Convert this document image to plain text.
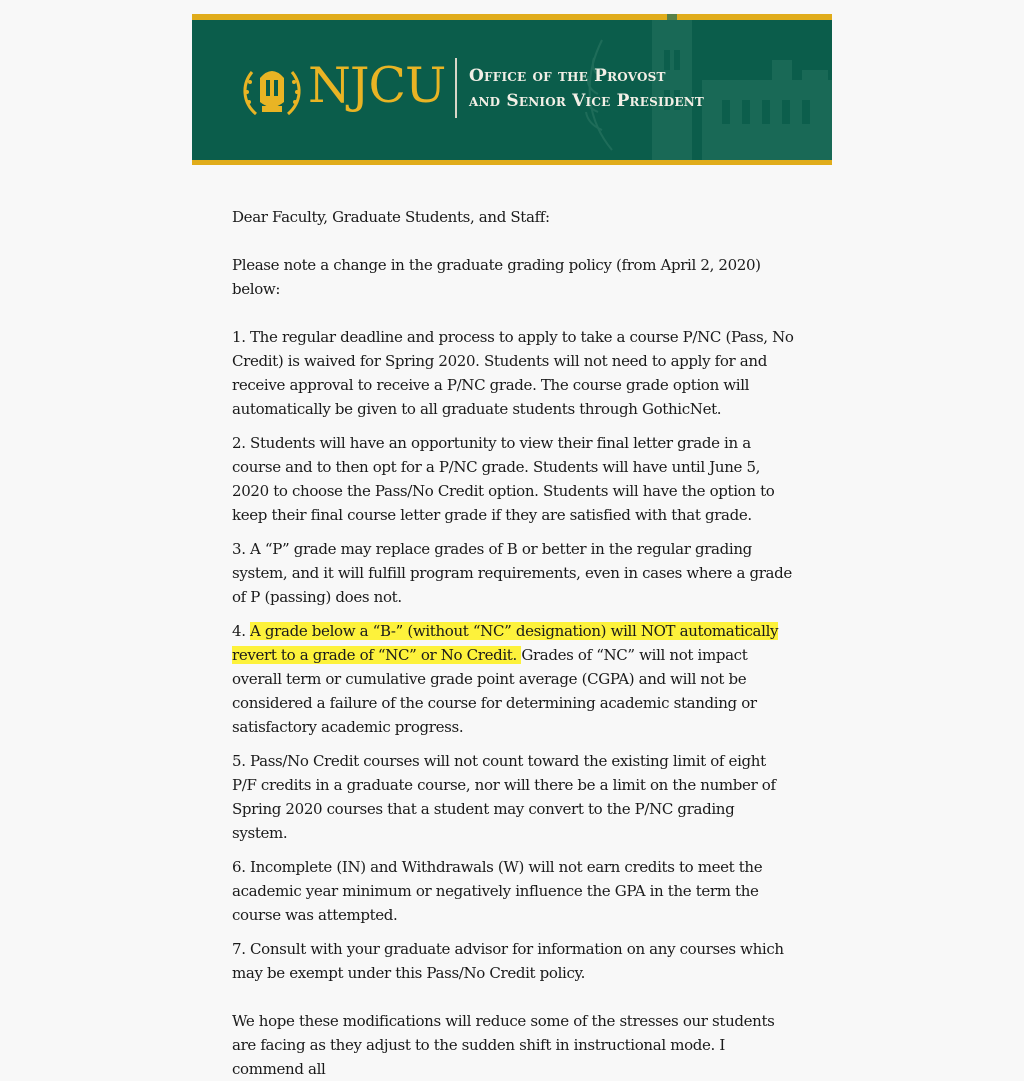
NJCU Office of the Provost
and Senior Vice President

Dear Faculty, Graduate Students, and Staff:

Please note a change in the graduate grading policy (from April 2, 2020) below:

1. The regular deadline and process to apply to take a course P/NC (Pass, No Credit) is waived for Spring 2020. Students will not need to apply for and receive approval to receive a P/NC grade. The course grade option will automatically be given to all graduate students through GothicNet.

2. Students will have an opportunity to view their final letter grade in a course and to then opt for a P/NC grade. Students will have until June 5, 2020 to choose the Pass/No Credit option. Students will have the option to keep their final course letter grade if they are satisfied with that grade.

3. A “P” grade may replace grades of B or better in the regular grading system, and it will fulfill program requirements, even in cases where a grade of P (passing) does not.

4. A grade below a “B-” (without “NC” designation) will NOT automatically revert to a grade of “NC” or No Credit. Grades of “NC” will not impact overall term or cumulative grade point average (CGPA) and will not be considered a failure of the course for determining academic standing or satisfactory academic progress.

5. Pass/No Credit courses will not count toward the existing limit of eight P/F credits in a graduate course, nor will there be a limit on the number of Spring 2020 courses that a student may convert to the P/NC grading system.

6. Incomplete (IN) and Withdrawals (W) will not earn credits to meet the academic year minimum or negatively influence the GPA in the term the course was attempted.

7. Consult with your graduate advisor for information on any courses which may be exempt under this Pass/No Credit policy.

We hope these modifications will reduce some of the stresses our students are facing as they adjust to the sudden shift in instructional mode. I commend all
